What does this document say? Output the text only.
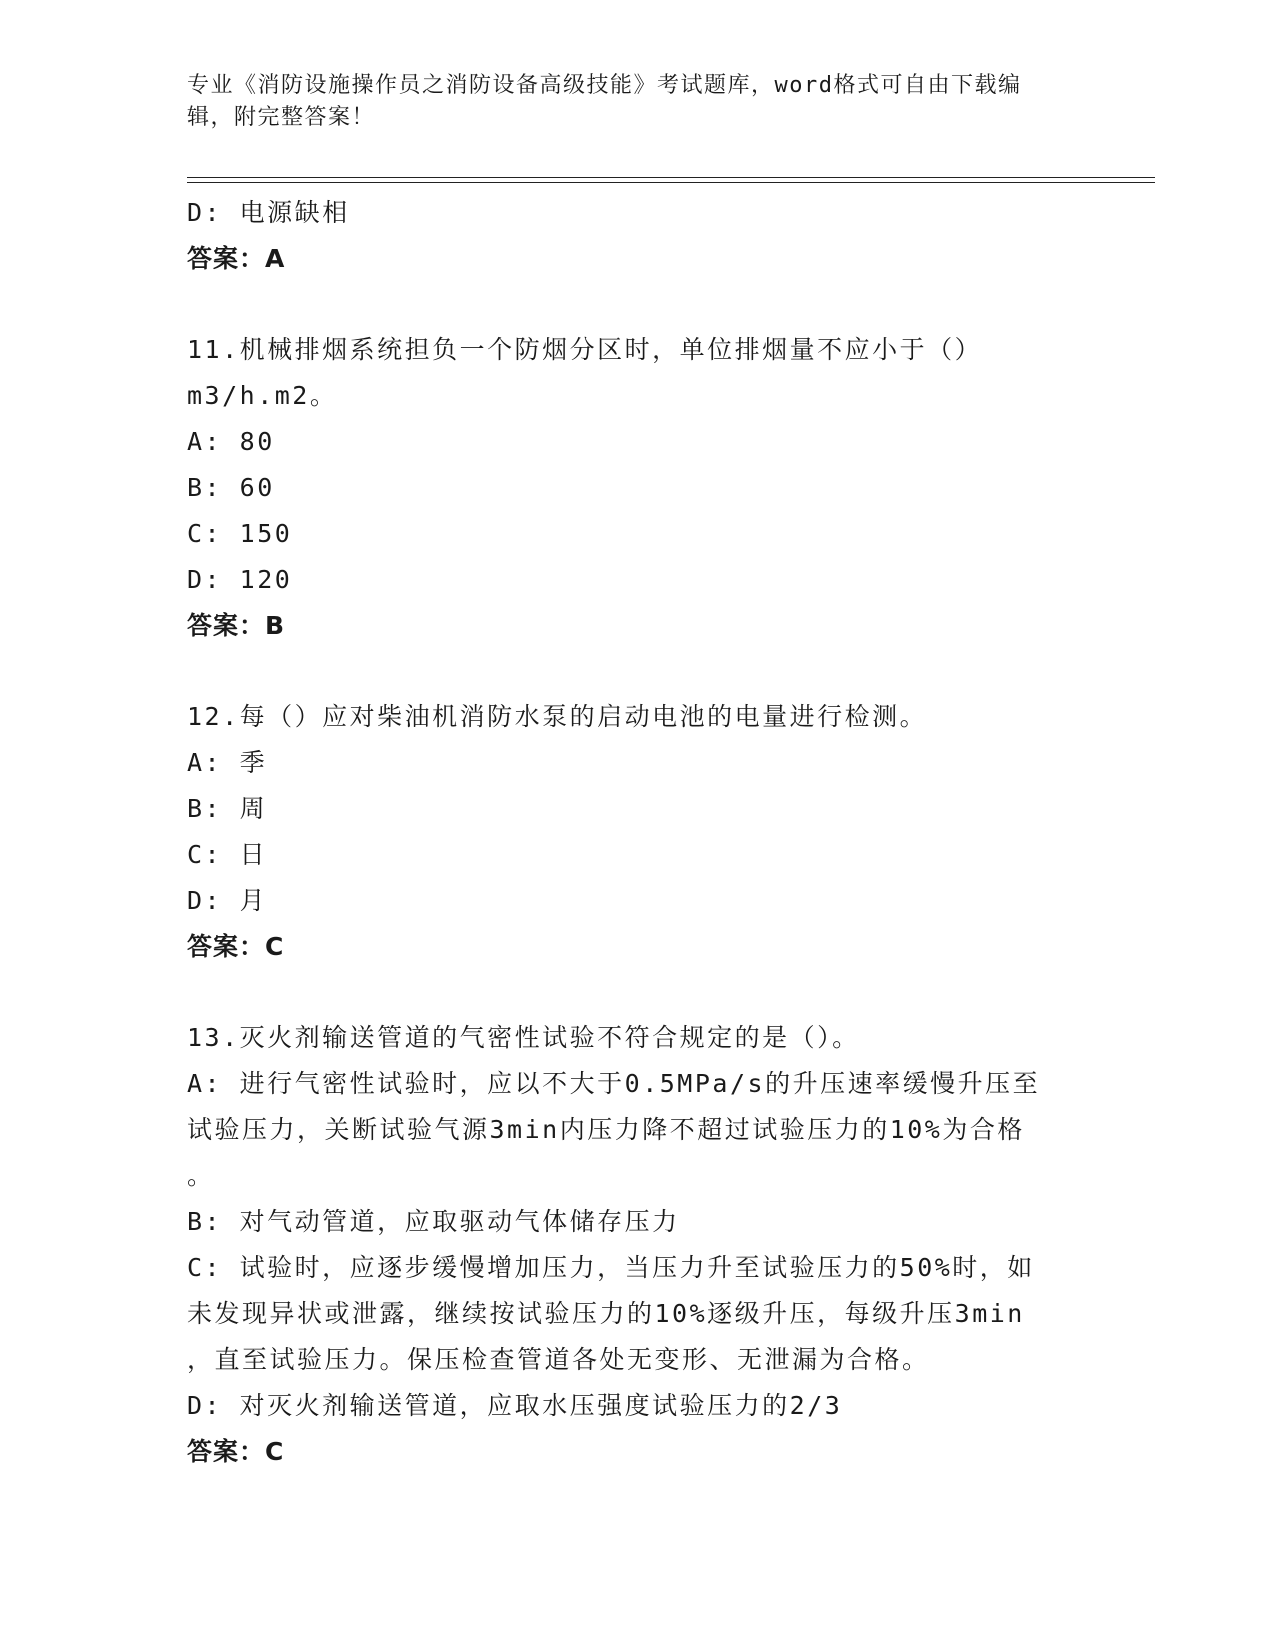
专业《消防设施操作员之消防设备高级技能》考试题库，word格式可自由下载编
辑，附完整答案！
D: 电源缺相
答案：A
11.机械排烟系统担负一个防烟分区时，单位排烟量不应小于（）
m3/h.m2。
A: 80
B: 60
C: 150
D: 120
答案：B
12.每（）应对柴油机消防水泵的启动电池的电量进行检测。
A: 季
B: 周
C: 日
D: 月
答案：C
13.灭火剂输送管道的气密性试验不符合规定的是（）。
A: 进行气密性试验时，应以不大于0.5MPa/s的升压速率缓慢升压至
试验压力，关断试验气源3min内压力降不超过试验压力的10%为合格
。
B: 对气动管道，应取驱动气体储存压力
C: 试验时，应逐步缓慢增加压力，当压力升至试验压力的50%时，如
未发现异状或泄露，继续按试验压力的10%逐级升压，每级升压3min
，直至试验压力。保压检查管道各处无变形、无泄漏为合格。
D: 对灭火剂输送管道，应取水压强度试验压力的2/3
答案：C
